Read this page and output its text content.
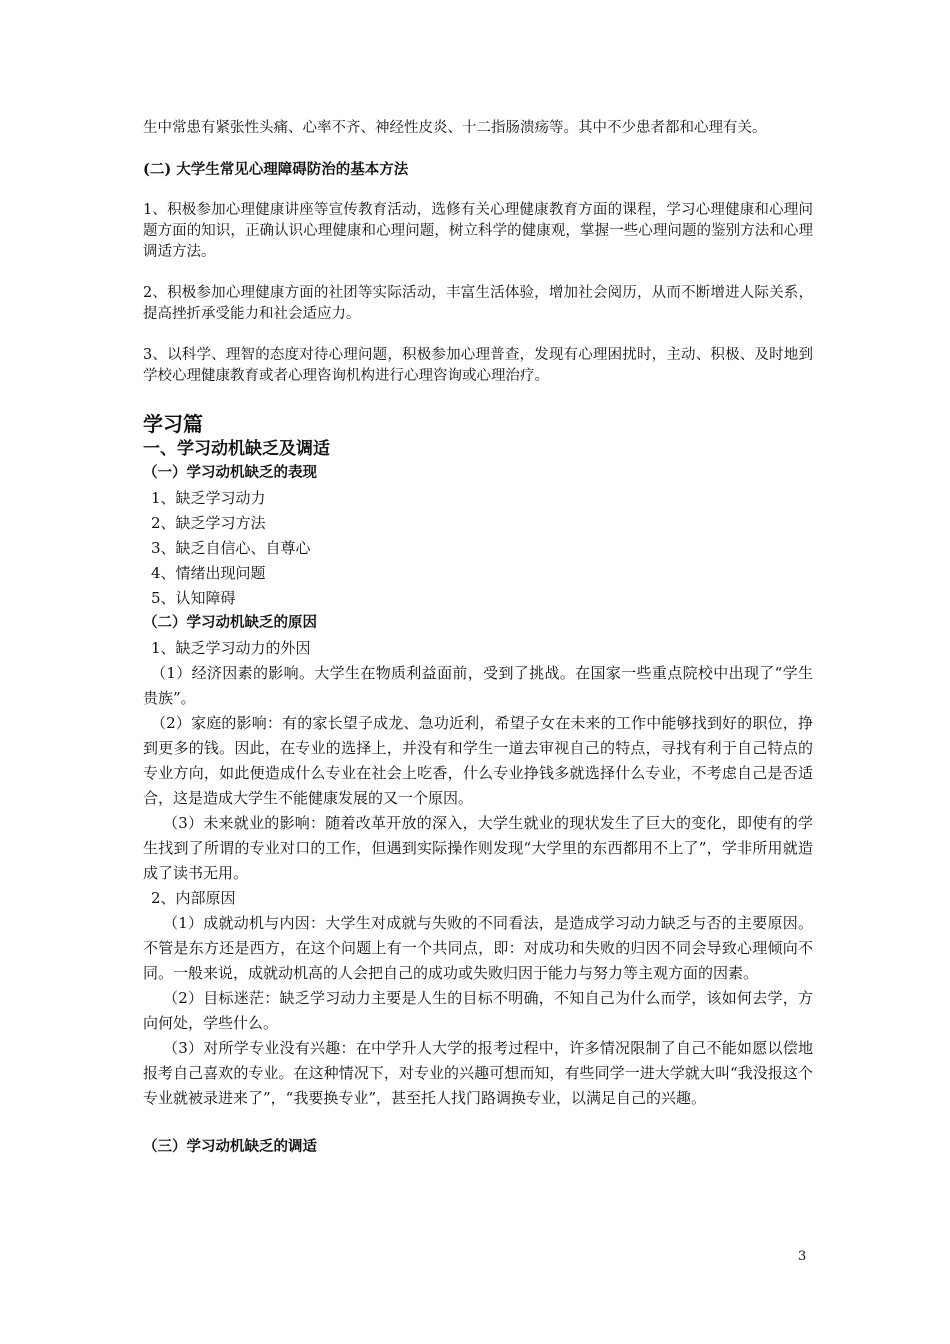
生中常患有紧张性头痛、心率不齐、神经性皮炎、十二指肠溃疡等。其中不少患者都和心理有关。

(二) 大学生常见心理障碍防治的基本方法

1、积极参加心理健康讲座等宣传教育活动，选修有关心理健康教育方面的课程，学习心理健康和心理问题方面的知识，正确认识心理健康和心理问题，树立科学的健康观，掌握一些心理问题的鉴别方法和心理调适方法。

2、积极参加心理健康方面的社团等实际活动，丰富生活体验，增加社会阅历，从而不断增进人际关系，提高挫折承受能力和社会适应力。

3、以科学、理智的态度对待心理问题，积极参加心理普查，发现有心理困扰时，主动、积极、及时地到学校心理健康教育或者心理咨询机构进行心理咨询或心理治疗。

学习篇

一、学习动机缺乏及调适

（一）学习动机缺乏的表现

1、缺乏学习动力

2、缺乏学习方法

3、缺乏自信心、自尊心

4、情绪出现问题

5、认知障碍

（二）学习动机缺乏的原因

1、缺乏学习动力的外因

（1）经济因素的影响。大学生在物质利益面前，受到了挑战。在国家一些重点院校中出现了“学生贵族”。

（2）家庭的影响：有的家长望子成龙、急功近利，希望子女在未来的工作中能够找到好的职位，挣到更多的钱。因此，在专业的选择上，并没有和学生一道去审视自己的特点，寻找有利于自己特点的专业方向，如此便造成什么专业在社会上吃香，什么专业挣钱多就选择什么专业，不考虑自己是否适合，这是造成大学生不能健康发展的又一个原因。

（3）未来就业的影响：随着改革开放的深入，大学生就业的现状发生了巨大的变化，即使有的学生找到了所谓的专业对口的工作，但遇到实际操作则发现“大学里的东西都用不上了”，学非所用就造成了读书无用。

2、内部原因

（1）成就动机与内因：大学生对成就与失败的不同看法，是造成学习动力缺乏与否的主要原因。不管是东方还是西方，在这个问题上有一个共同点，即：对成功和失败的归因不同会导致心理倾向不同。一般来说，成就动机高的人会把自己的成功或失败归因于能力与努力等主观方面的因素。

（2）目标迷茫：缺乏学习动力主要是人生的目标不明确，不知自己为什么而学，该如何去学，方向何处，学些什么。

（3）对所学专业没有兴趣：在中学升人大学的报考过程中，许多情况限制了自己不能如愿以偿地报考自己喜欢的专业。在这种情况下，对专业的兴趣可想而知，有些同学一进大学就大叫“我没报这个专业就被录进来了”，“我要换专业”，甚至托人找门路调换专业，以满足自己的兴趣。

（三）学习动机缺乏的调适

3
